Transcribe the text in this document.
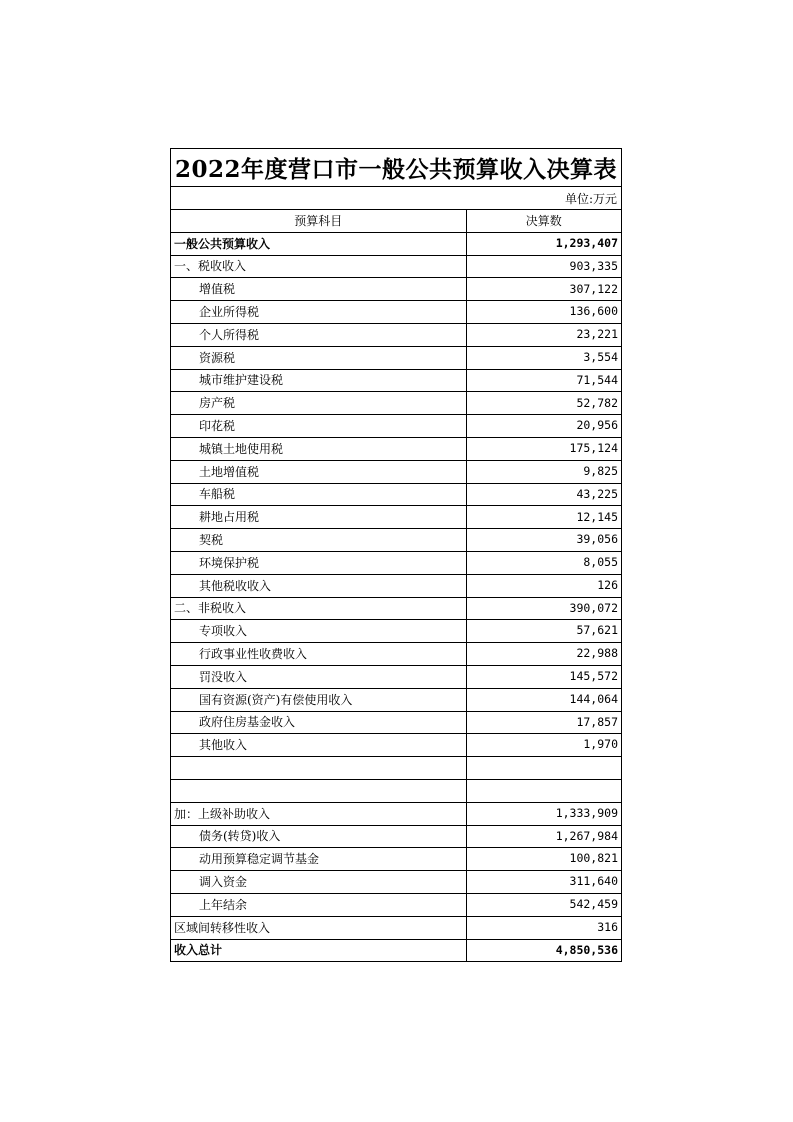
2022年度营口市一般公共预算收入决算表
单位:万元
预算科目	决算数
一般公共预算收入	1,293,407
一、税收收入	903,335
增值税	307,122
企业所得税	136,600
个人所得税	23,221
资源税	3,554
城市维护建设税	71,544
房产税	52,782
印花税	20,956
城镇土地使用税	175,124
土地增值税	9,825
车船税	43,225
耕地占用税	12,145
契税	39,056
环境保护税	8,055
其他税收收入	126
二、非税收入	390,072
专项收入	57,621
行政事业性收费收入	22,988
罚没收入	145,572
国有资源(资产)有偿使用收入	144,064
政府住房基金收入	17,857
其他收入	1,970

加：上级补助收入	1,333,909
债务(转贷)收入	1,267,984
动用预算稳定调节基金	100,821
调入资金	311,640
上年结余	542,459
区域间转移性收入	316
收入总计	4,850,536
